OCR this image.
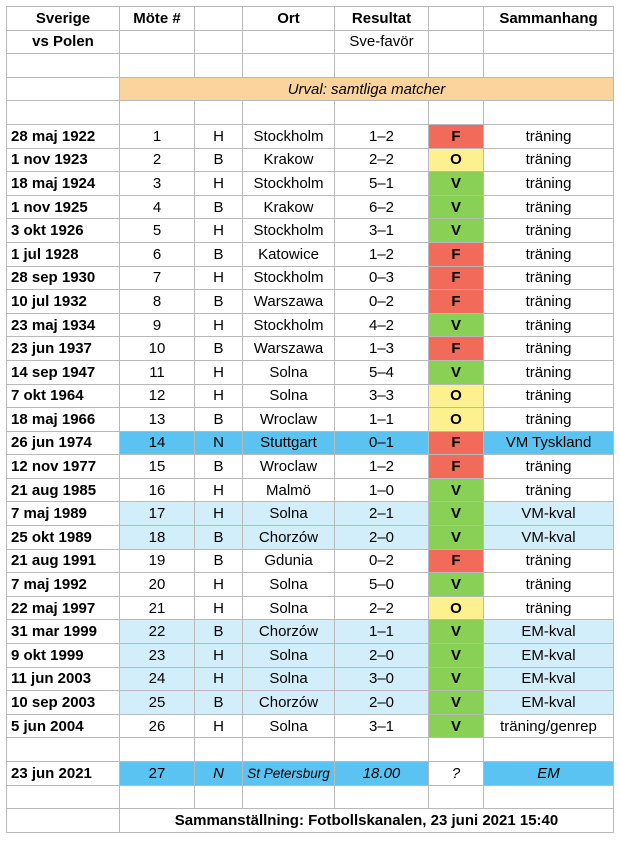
Sverige	Möte #		Ort	Resultat		Sammanhang
vs Polen				Sve-favör		

	Urval: samtliga matcher					

28 maj 1922	1	H	Stockholm	1–2	F	träning
1 nov 1923	2	B	Krakow	2–2	O	träning
18 maj 1924	3	H	Stockholm	5–1	V	träning
1 nov 1925	4	B	Krakow	6–2	V	träning
3 okt 1926	5	H	Stockholm	3–1	V	träning
1 jul 1928	6	B	Katowice	1–2	F	träning
28 sep 1930	7	H	Stockholm	0–3	F	träning
10 jul 1932	8	B	Warszawa	0–2	F	träning
23 maj 1934	9	H	Stockholm	4–2	V	träning
23 jun 1937	10	B	Warszawa	1–3	F	träning
14 sep 1947	11	H	Solna	5–4	V	träning
7 okt 1964	12	H	Solna	3–3	O	träning
18 maj 1966	13	B	Wroclaw	1–1	O	träning
26 jun 1974	14	N	Stuttgart	0–1	F	VM Tyskland
12 nov 1977	15	B	Wroclaw	1–2	F	träning
21 aug 1985	16	H	Malmö	1–0	V	träning
7 maj 1989	17	H	Solna	2–1	V	VM-kval
25 okt 1989	18	B	Chorzów	2–0	V	VM-kval
21 aug 1991	19	B	Gdunia	0–2	F	träning
7 maj 1992	20	H	Solna	5–0	V	träning
22 maj 1997	21	H	Solna	2–2	O	träning
31 mar 1999	22	B	Chorzów	1–1	V	EM-kval
9 okt 1999	23	H	Solna	2–0	V	EM-kval
11 jun 2003	24	H	Solna	3–0	V	EM-kval
10 sep 2003	25	B	Chorzów	2–0	V	EM-kval
5 jun 2004	26	H	Solna	3–1	V	träning/genrep

23 jun 2021	27	N	St Petersburg	18.00	?	EM

	Sammanställning: Fotbollskanalen, 23 juni 2021 15:40					
